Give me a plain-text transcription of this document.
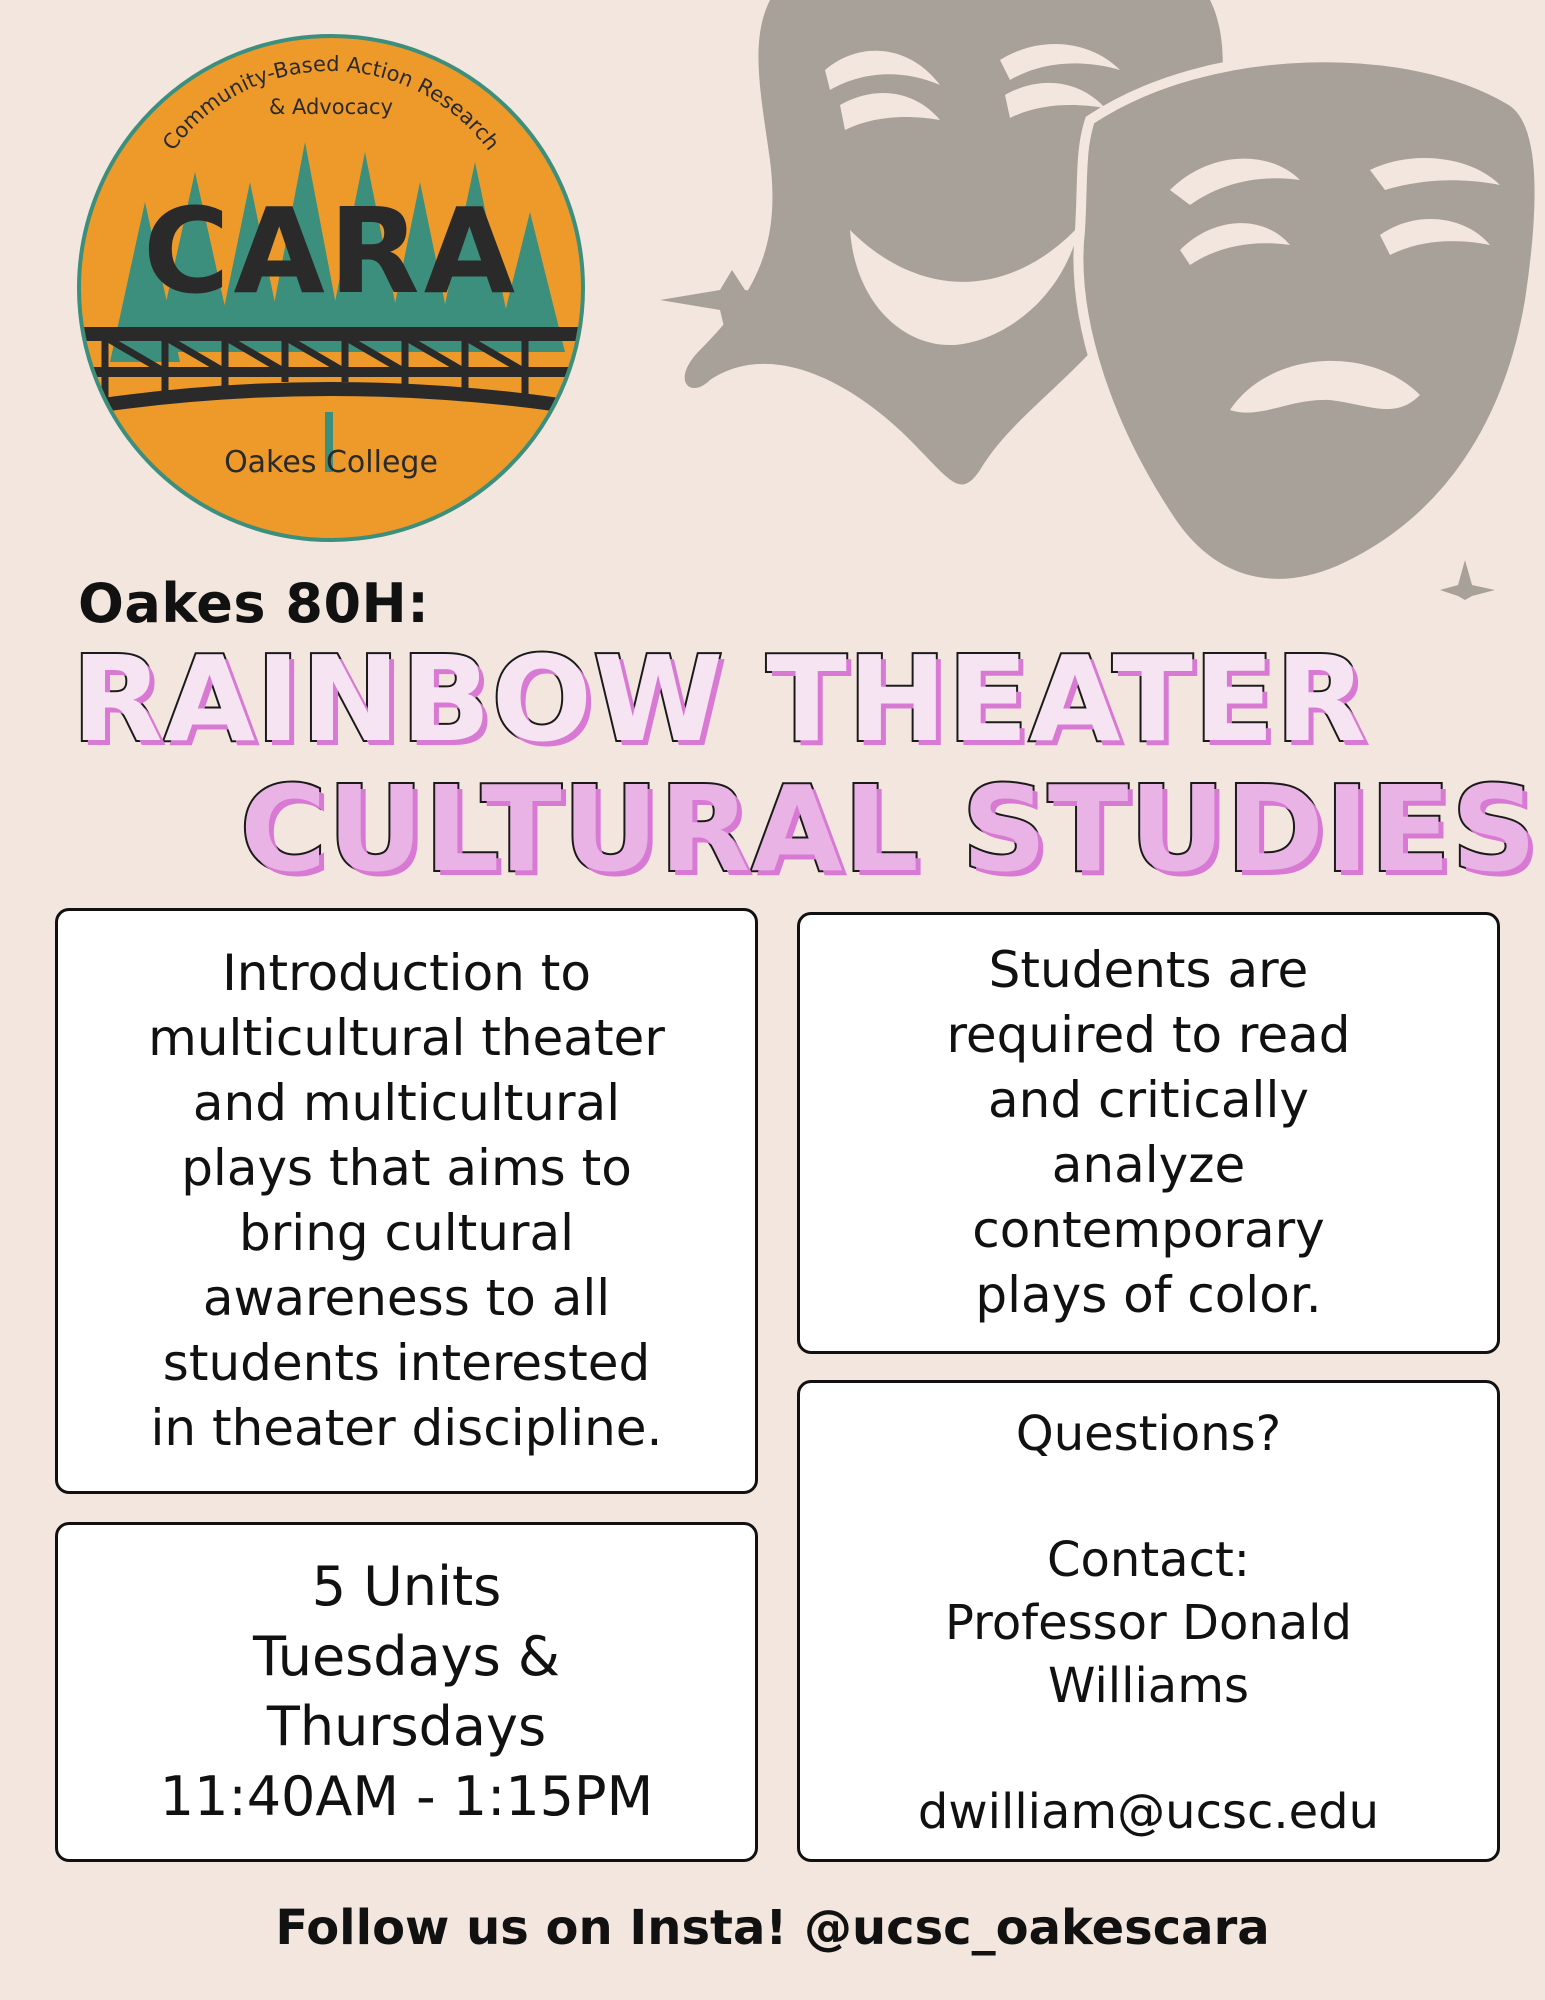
Community-Based Action Research
& Advocacy
CARA
Oakes College
Oakes 80H:
RAINBOW THEATER
CULTURAL STUDIES

Introduction to

multicultural theater

and multicultural

plays that aims to

bring cultural

awareness to all

students interested

in theater discipline.

Students are

required to read

and critically

analyze

contemporary

plays of color.

5 Units

Tuesdays &

Thursdays

11:40AM - 1:15PM

Questions?

Contact:

Professor Donald

Williams

dwilliam@ucsc.edu

Follow us on Insta! @ucsc_oakescara
